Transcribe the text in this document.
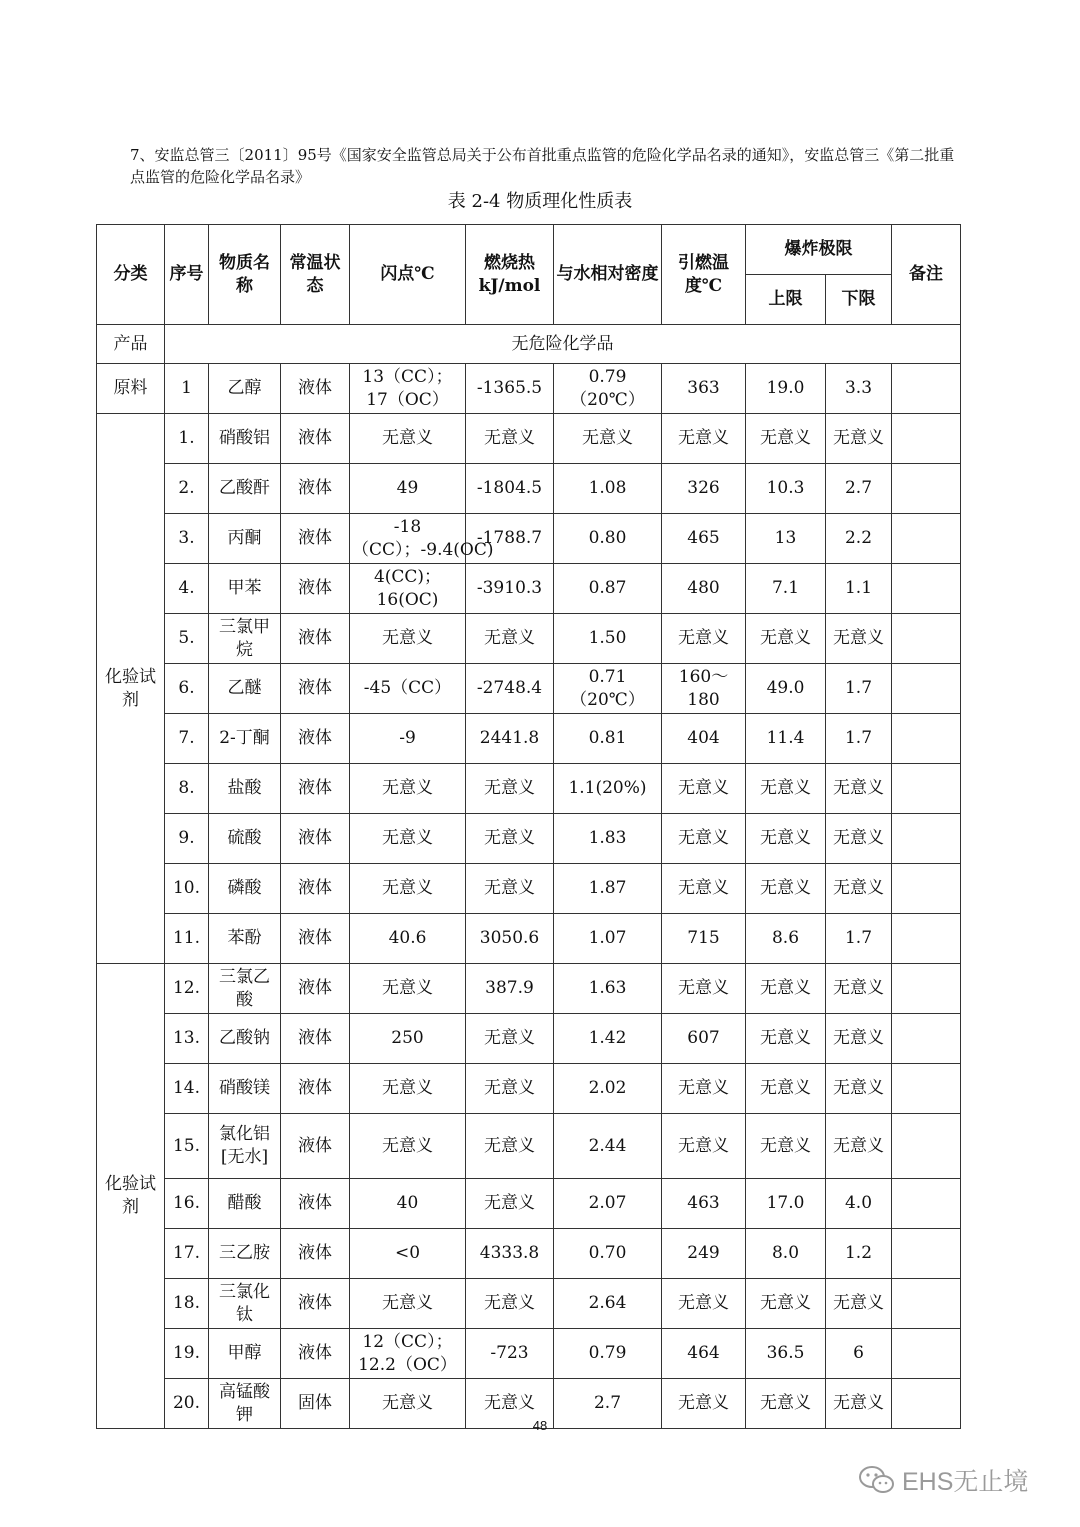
7、安监总管三〔2011〕95号《国家安全监管总局关于公布首批重点监管的危险化学品名录的通知》，安监总管三《第二批重点监管的危险化学品名录》

表 2-4 物质理化性质表

分类	序号	物质名称	常温状态	闪点℃	燃烧热kJ/mol	与水相对密度	引燃温度℃	爆炸极限		备注
								上限	下限	
产品	无危险化学品									
原料	1	乙醇	液体	13（CC）；17（OC）	-1365.5	0.79（20℃）	363	19.0	3.3	
化验试剂	1.	硝酸铝	液体	无意义	无意义	无意义	无意义	无意义	无意义	
	2.	乙酸酐	液体	49	-1804.5	1.08	326	10.3	2.7	
	3.	丙酮	液体	-18（CC）；-9.4(OC)	-1788.7	0.80	465	13	2.2	
	4.	甲苯	液体	4(CC)；16(OC)	-3910.3	0.87	480	7.1	1.1	
	5.	三氯甲烷	液体	无意义	无意义	1.50	无意义	无意义	无意义	
	6.	乙醚	液体	-45（CC）	-2748.4	0.71（20℃）	160～180	49.0	1.7	
	7.	2-丁酮	液体	-9	2441.8	0.81	404	11.4	1.7	
	8.	盐酸	液体	无意义	无意义	1.1(20%)	无意义	无意义	无意义	
	9.	硫酸	液体	无意义	无意义	1.83	无意义	无意义	无意义	
	10.	磷酸	液体	无意义	无意义	1.87	无意义	无意义	无意义	
	11.	苯酚	液体	40.6	3050.6	1.07	715	8.6	1.7	
化验试剂	12.	三氯乙酸	液体	无意义	387.9	1.63	无意义	无意义	无意义	
	13.	乙酸钠	液体	250	无意义	1.42	607	无意义	无意义	
	14.	硝酸镁	液体	无意义	无意义	2.02	无意义	无意义	无意义	
	15.	氯化铝[无水]	液体	无意义	无意义	2.44	无意义	无意义	无意义	
	16.	醋酸	液体	40	无意义	2.07	463	17.0	4.0	
	17.	三乙胺	液体	<0	4333.8	0.70	249	8.0	1.2	
	18.	三氯化钛	液体	无意义	无意义	2.64	无意义	无意义	无意义	
	19.	甲醇	液体	12（CC）；12.2（OC）	-723	0.79	464	36.5	6	
	20.	高锰酸钾	固体	无意义	无意义	2.7	无意义	无意义	无意义	

48

EHS无止境
